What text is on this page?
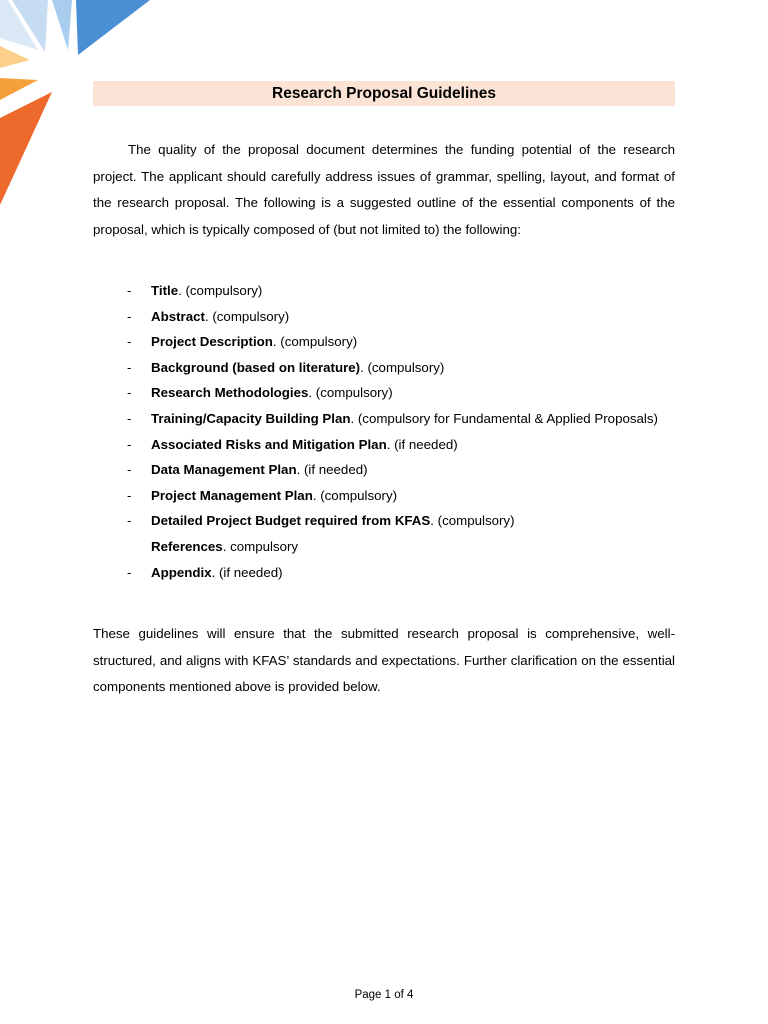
Research Proposal Guidelines

The quality of the proposal document determines the funding potential of the research project. The applicant should carefully address issues of grammar, spelling, layout, and format of the research proposal. The following is a suggested outline of the essential components of the proposal, which is typically composed of (but not limited to) the following:

- Title. (compulsory)
- Abstract. (compulsory)
- Project Description. (compulsory)
- Background (based on literature). (compulsory)
- Research Methodologies. (compulsory)
- Training/Capacity Building Plan. (compulsory for Fundamental & Applied Proposals)
- Associated Risks and Mitigation Plan. (if needed)
- Data Management Plan. (if needed)
- Project Management Plan. (compulsory)
- Detailed Project Budget required from KFAS. (compulsory)
References. compulsory
- Appendix. (if needed)

These guidelines will ensure that the submitted research proposal is comprehensive, well-structured, and aligns with KFAS’ standards and expectations. Further clarification on the essential components mentioned above is provided below.

Page 1 of 4
